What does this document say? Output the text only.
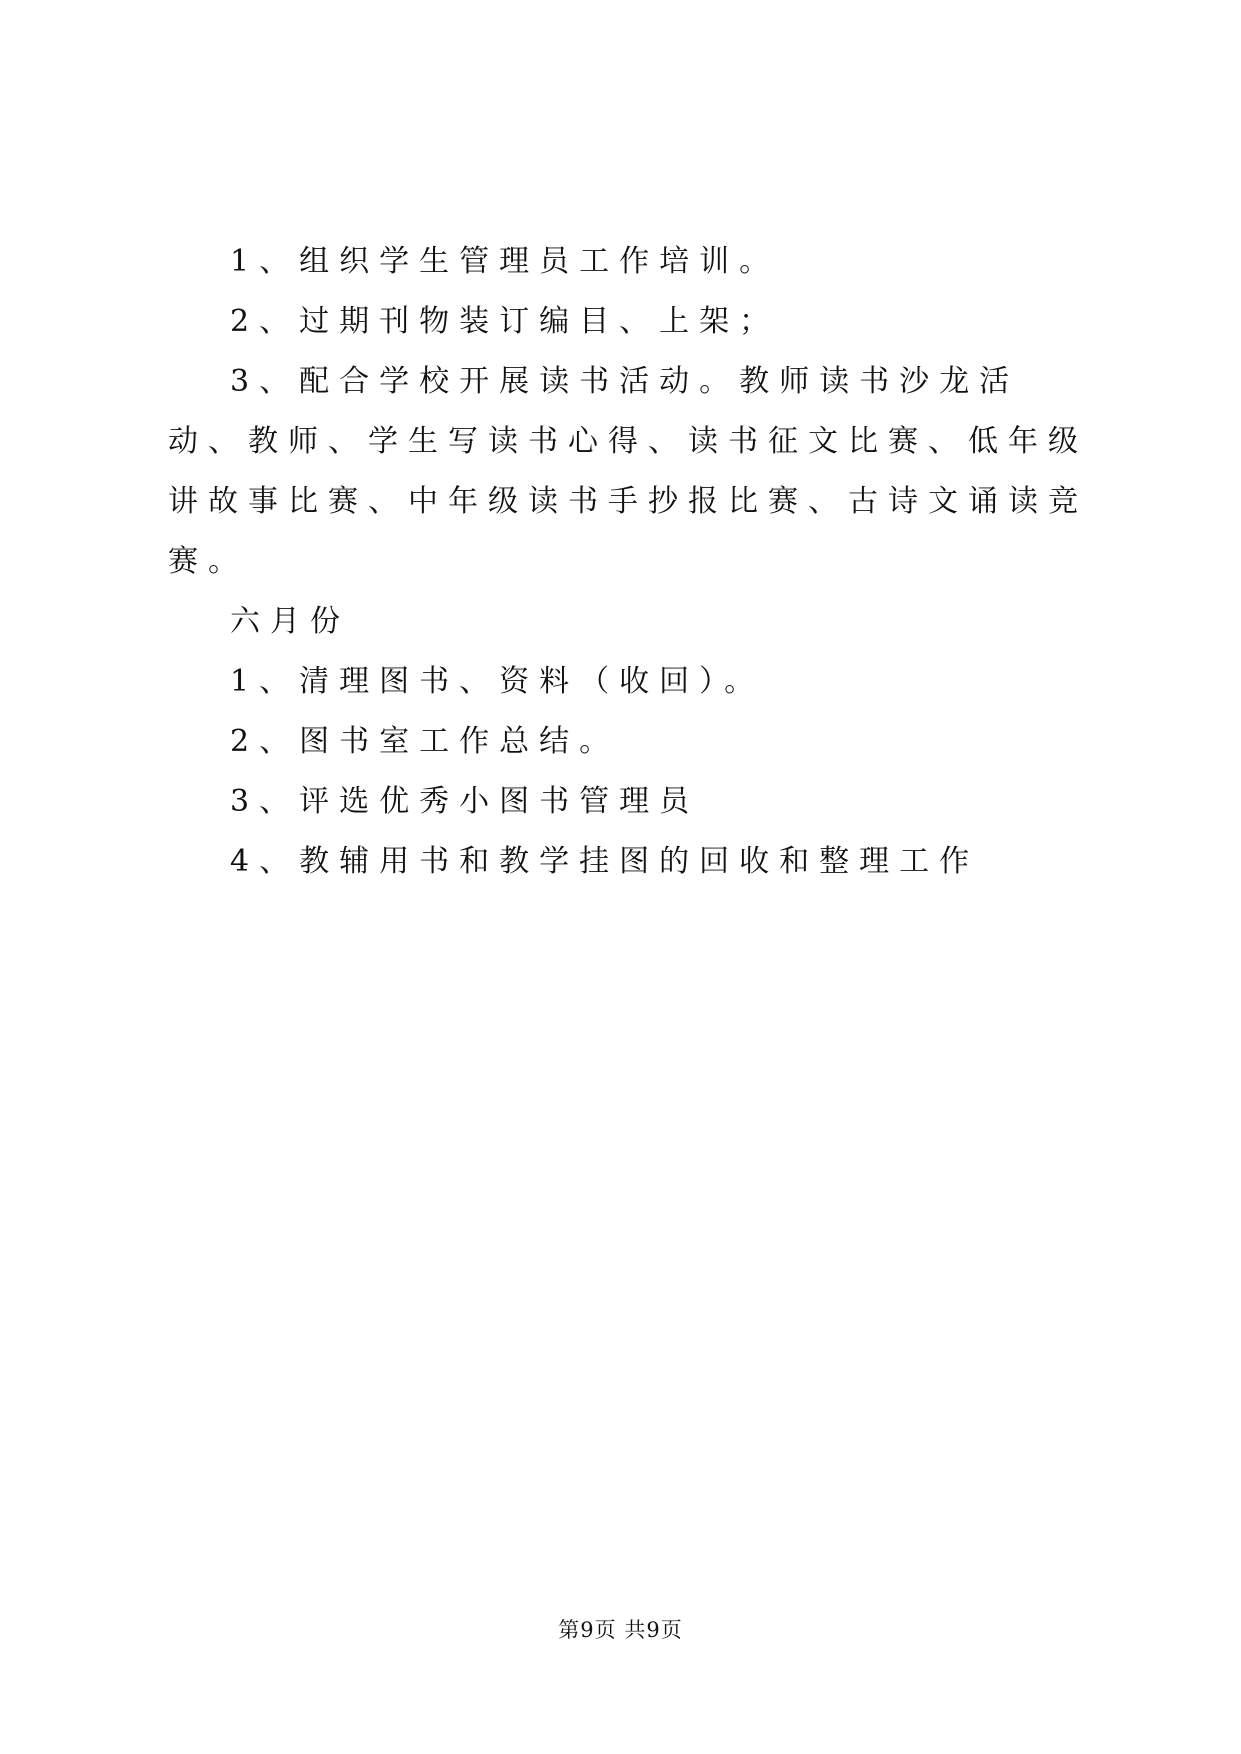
1、组织学生管理员工作培训。

2、过期刊物装订编目、上架；

3、配合学校开展读书活动。教师读书沙龙活动、教师、学生写读书心得、读书征文比赛、低年级讲故事比赛、中年级读书手抄报比赛、古诗文诵读竞赛。

六月份

1、清理图书、资料（收回）。

2、图书室工作总结。

3、评选优秀小图书管理员

4、教辅用书和教学挂图的回收和整理工作

第9页 共9页
